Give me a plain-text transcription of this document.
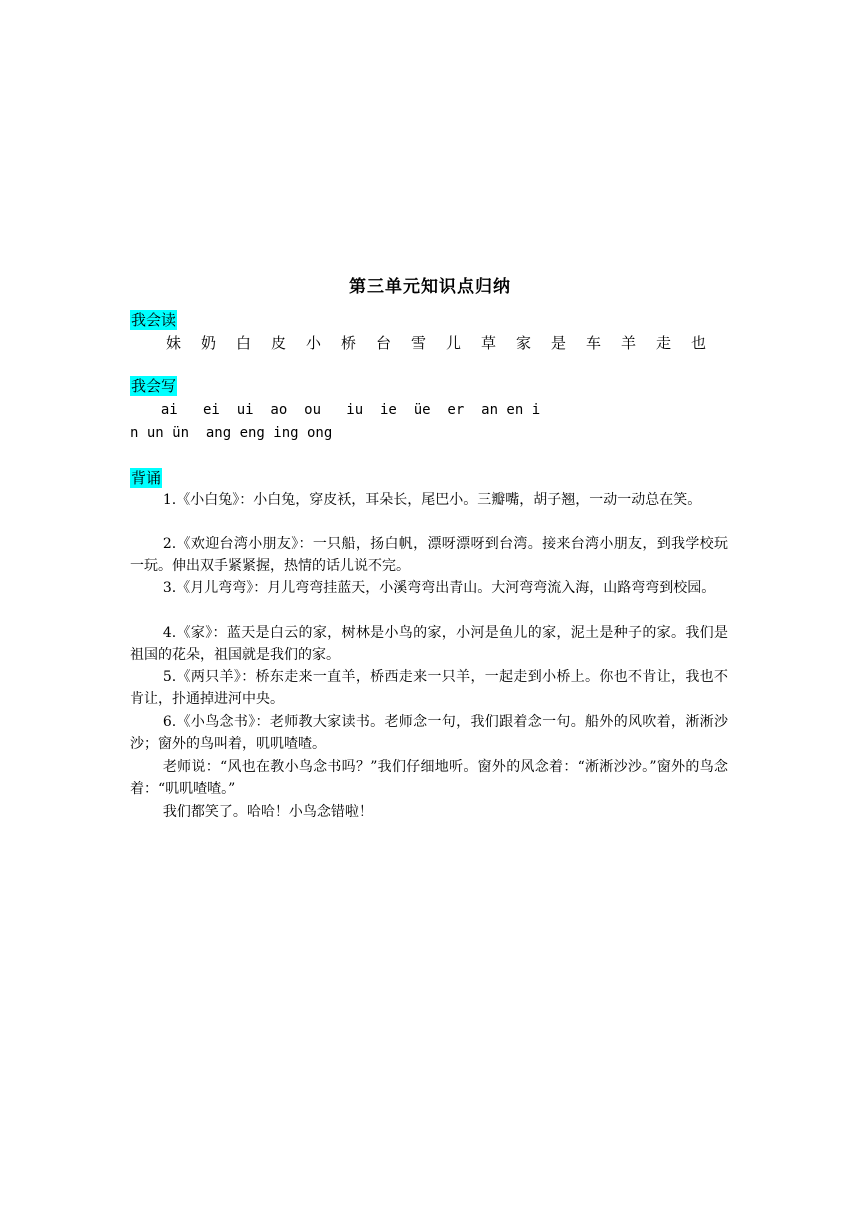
第三单元知识点归纳
我会读
妹	奶	白	皮	小	桥	台	雪	儿	草	家	是	车	羊	走	也
我会写
ai   ei  ui  ao  ou   iu  ie  üe  er  an en i
n un ün  ang eng ing ong
背诵

1.《小白兔》：小白兔，穿皮袄，耳朵长，尾巴小。三瓣嘴，胡子翘，一动一动总在笑。

2.《欢迎台湾小朋友》：一只船，扬白帆，漂呀漂呀到台湾。接来台湾小朋友，到我学校玩一玩。伸出双手紧紧握，热情的话儿说不完。

3.《月儿弯弯》：月儿弯弯挂蓝天，小溪弯弯出青山。大河弯弯流入海，山路弯弯到校园。

4.《家》：蓝天是白云的家，树林是小鸟的家，小河是鱼儿的家，泥土是种子的家。我们是祖国的花朵，祖国就是我们的家。

5.《两只羊》：桥东走来一直羊，桥西走来一只羊，一起走到小桥上。你也不肯让，我也不肯让，扑通掉进河中央。

6.《小鸟念书》：老师教大家读书。老师念一句，我们跟着念一句。船外的风吹着，淅淅沙沙；窗外的鸟叫着，叽叽喳喳。

老师说：“风也在教小鸟念书吗？”我们仔细地听。窗外的风念着：“淅淅沙沙。”窗外的鸟念着：“叽叽喳喳。”

我们都笑了。哈哈！小鸟念错啦！
